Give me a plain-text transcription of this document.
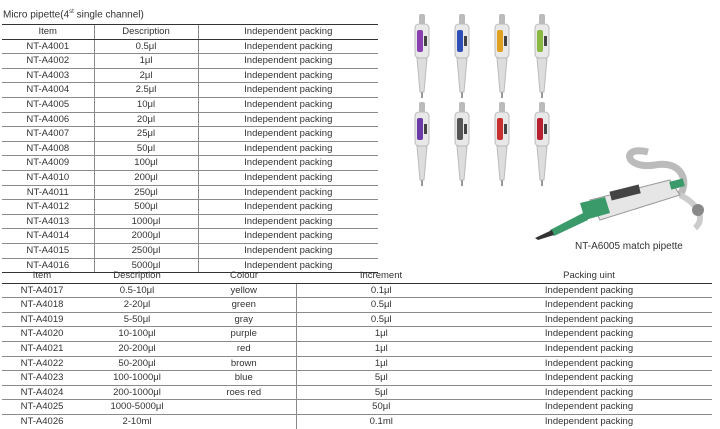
Micro pipette(4st single channel)
Item	Description	Independent packing
NT-A4001	0.5μl	Independent packing
NT-A4002	1μl	Independent packing
NT-A4003	2μl	Independent packing
NT-A4004	2.5μl	Independent packing
NT-A4005	10μl	Independent packing
NT-A4006	20μl	Independent packing
NT-A4007	25μl	Independent packing
NT-A4008	50μl	Independent packing
NT-A4009	100μl	Independent packing
NT-A4010	200μl	Independent packing
NT-A4011	250μl	Independent packing
NT-A4012	500μl	Independent packing
NT-A4013	1000μl	Independent packing
NT-A4014	2000μl	Independent packing
NT-A4015	2500μl	Independent packing
NT-A4016	5000μl	Independent packing
NT-A6005 match pipette
Item	Description	Colour	Increment	Packing uint
NT-A4017	0.5-10μl	yellow	0.1μl	Independent packing
NT-A4018	2-20μl	green	0.5μl	Independent packing
NT-A4019	5-50μl	gray	0.5μl	Independent packing
NT-A4020	10-100μl	purple	1μl	Independent packing
NT-A4021	20-200μl	red	1μl	Independent packing
NT-A4022	50-200μl	brown	1μl	Independent packing
NT-A4023	100-1000μl	blue	5μl	Independent packing
NT-A4024	200-1000μl	roes red	5μl	Independent packing
NT-A4025	1000-5000μl		50μl	Independent packing
NT-A4026	2-10ml		0.1ml	Independent packing
